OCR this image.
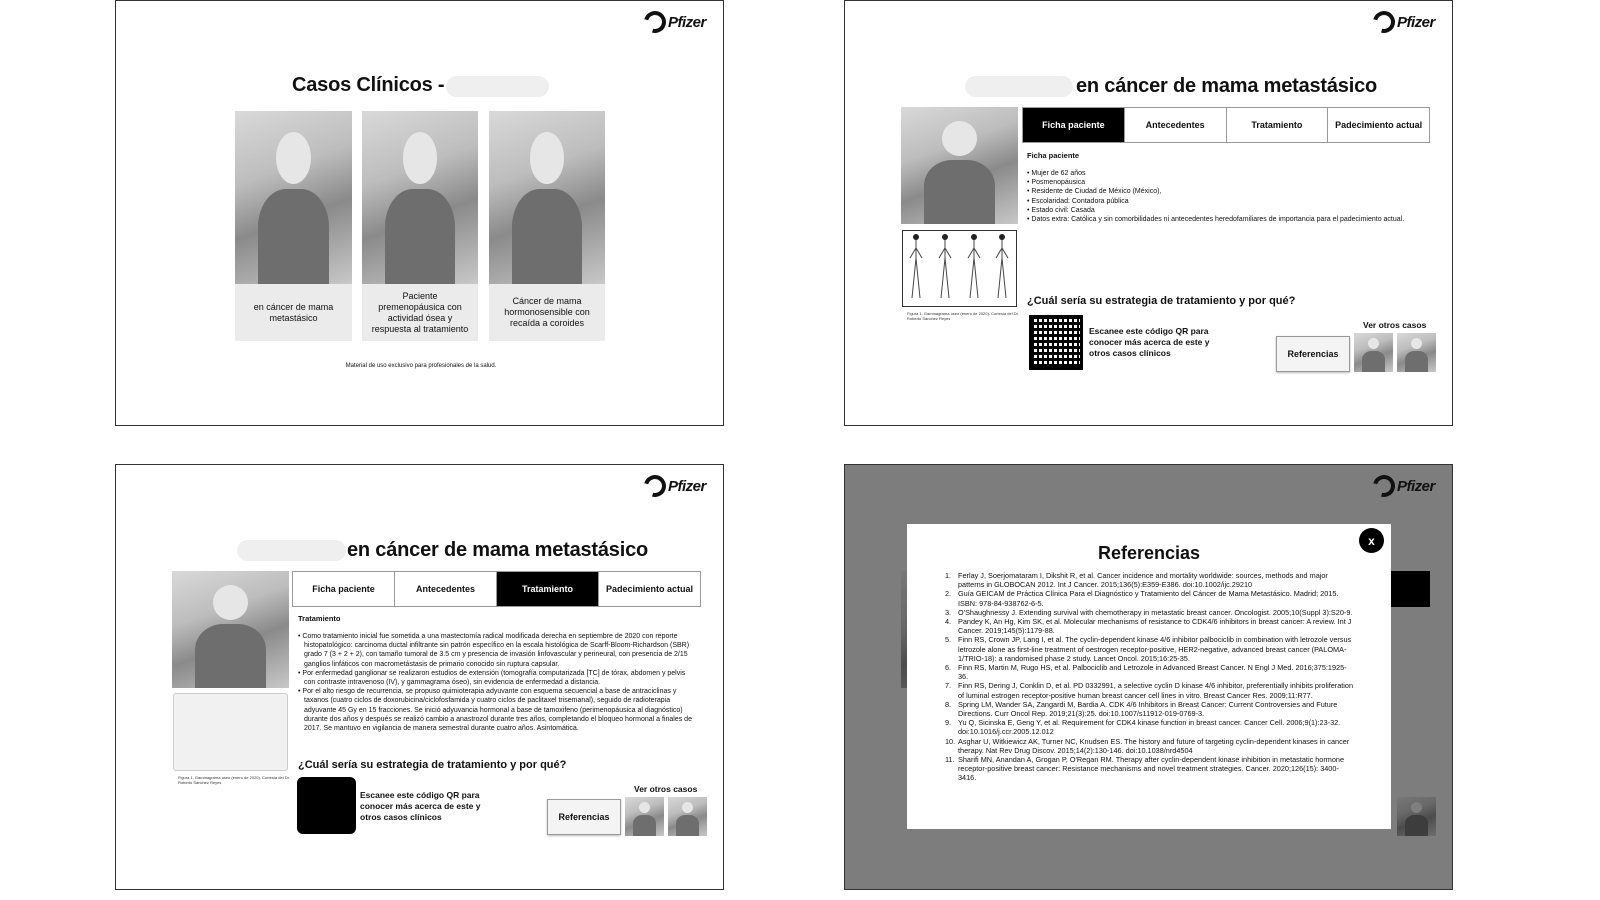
Pfizer
Casos Clínicos -
en cáncer de mama metastásico
Paciente premenopáusica con actividad ósea y respuesta al tratamiento
Cáncer de mama hormonosensible con recaída a coroides
Material de uso exclusivo para profesionales de la salud.
Pfizer
en cáncer de mama metastásico
Figura 1. Gammagrama óseo (enero de 2020). Cortesía del Dr. Roberto Sánchez Reyes
Ficha paciente	Antecedentes	Tratamiento	Padecimiento actual
Ficha paciente
• Mujer de 62 años
• Posmenopáusica
• Residente de Ciudad de México (México),
• Escolaridad: Contadora pública
• Estado civil: Casada
• Datos extra: Católica y sin comorbilidades ni antecedentes heredofamiliares de importancia para el padecimiento actual.
¿Cuál sería su estrategia de tratamiento y por qué?
Escanee este código QR para conocer más acerca de este y otros casos clínicos
Ver otros casos
Referencias
Pfizer
en cáncer de mama metastásico
Figura 1. Gammagrama óseo (enero de 2020). Cortesía del Dr. Roberto Sánchez Reyes
Ficha paciente	Antecedentes	Tratamiento	Padecimiento actual
Tratamiento
• Como tratamiento inicial fue sometida a una mastectomía radical modificada derecha en septiembre de 2020 con reporte histopatológico: carcinoma ductal infiltrante sin patrón específico en la escala histológica de Scarff-Bloom-Richardson (SBR) grado 7 (3 + 2 + 2), con tamaño tumoral de 3.5 cm y presencia de invasión linfovascular y perineural, con presencia de 2/15 ganglios linfáticos con macrometástasis de primario conocido sin ruptura capsular.
• Por enfermedad ganglionar se realizaron estudios de extensión (tomografía computarizada [TC] de tórax, abdomen y pelvis con contraste intravenoso (IV), y gammagrama óseo), sin evidencia de enfermedad a distancia.
• Por el alto riesgo de recurrencia, se propuso quimioterapia adyuvante con esquema secuencial a base de antraciclinas y taxanos (cuatro ciclos de doxorubicina/ciclofosfamida y cuatro ciclos de paclitaxel trisemanal), seguido de radioterapia adyuvante 45 Gy en 15 fracciones. Se inició adyuvancia hormonal a base de tamoxifeno (perimenopáusica al diagnóstico) durante dos años y después se realizó cambio a anastrozol durante tres años, completando el bloqueo hormonal a finales de 2017. Se mantuvo en vigilancia de manera semestral durante cuatro años. Asintomática.
¿Cuál sería su estrategia de tratamiento y por qué?
Escanee este código QR para conocer más acerca de este y otros casos clínicos
Ver otros casos
Referencias
Pfizer
Referencias
x
1. Ferlay J, Soerjomataram I, Dikshit R, et al. Cancer incidence and mortality worldwide: sources, methods and major patterns in GLOBOCAN 2012. Int J Cancer. 2015;136(5):E359-E386. doi:10.1002/ijc.29210
2. Guía GEICAM de Práctica Clínica Para el Diagnóstico y Tratamiento del Cáncer de Mama Metastásico. Madrid; 2015. ISBN: 978-84-938762-6-5.
3. O'Shaughnessy J. Extending survival with chemotherapy in metastatic breast cancer. Oncologist. 2005;10(Suppl 3):S20-9.
4. Pandey K, An Hg, Kim SK, et al. Molecular mechanisms of resistance to CDK4/6 inhibitors in breast cancer: A review. Int J Cancer. 2019;145(5):1179-88.
5. Finn RS, Crown JP, Lang I, et al. The cyclin-dependent kinase 4/6 inhibitor palbociclib in combination with letrozole versus letrozole alone as first-line treatment of oestrogen receptor-positive, HER2-negative, advanced breast cancer (PALOMA-1/TRIO-18): a randomised phase 2 study. Lancet Oncol. 2015;16:25-35.
6. Finn RS, Martin M, Rugo HS, et al. Palbociclib and Letrozole in Advanced Breast Cancer. N Engl J Med. 2016;375:1925-36.
7. Finn RS, Dering J, Conklin D, et al. PD 0332991, a selective cyclin D kinase 4/6 inhibitor, preferentially inhibits proliferation of luminal estrogen receptor-positive human breast cancer cell lines in vitro. Breast Cancer Res. 2009;11:R77.
8. Spring LM, Wander SA, Zangardi M, Bardia A. CDK 4/6 Inhibitors in Breast Cancer: Current Controversies and Future Directions. Curr Oncol Rep. 2019;21(3):25. doi:10.1007/s11912-019-0769-3.
9. Yu Q, Sicinska E, Geng Y, et al. Requirement for CDK4 kinase function in breast cancer. Cancer Cell. 2006;9(1):23-32. doi:10.1016/j.ccr.2005.12.012
10. Asghar U, Witkiewicz AK, Turner NC, Knudsen ES. The history and future of targeting cyclin-dependent kinases in cancer therapy. Nat Rev Drug Discov. 2015;14(2):130-146. doi:10.1038/nrd4504
11. Sharifi MN, Anandan A, Grogan P, O'Regan RM. Therapy after cyclin-dependent kinase inhibition in metastatic hormone receptor-positive breast cancer: Resistance mechanisms and novel treatment strategies. Cancer. 2020;126(15): 3400-3416.
